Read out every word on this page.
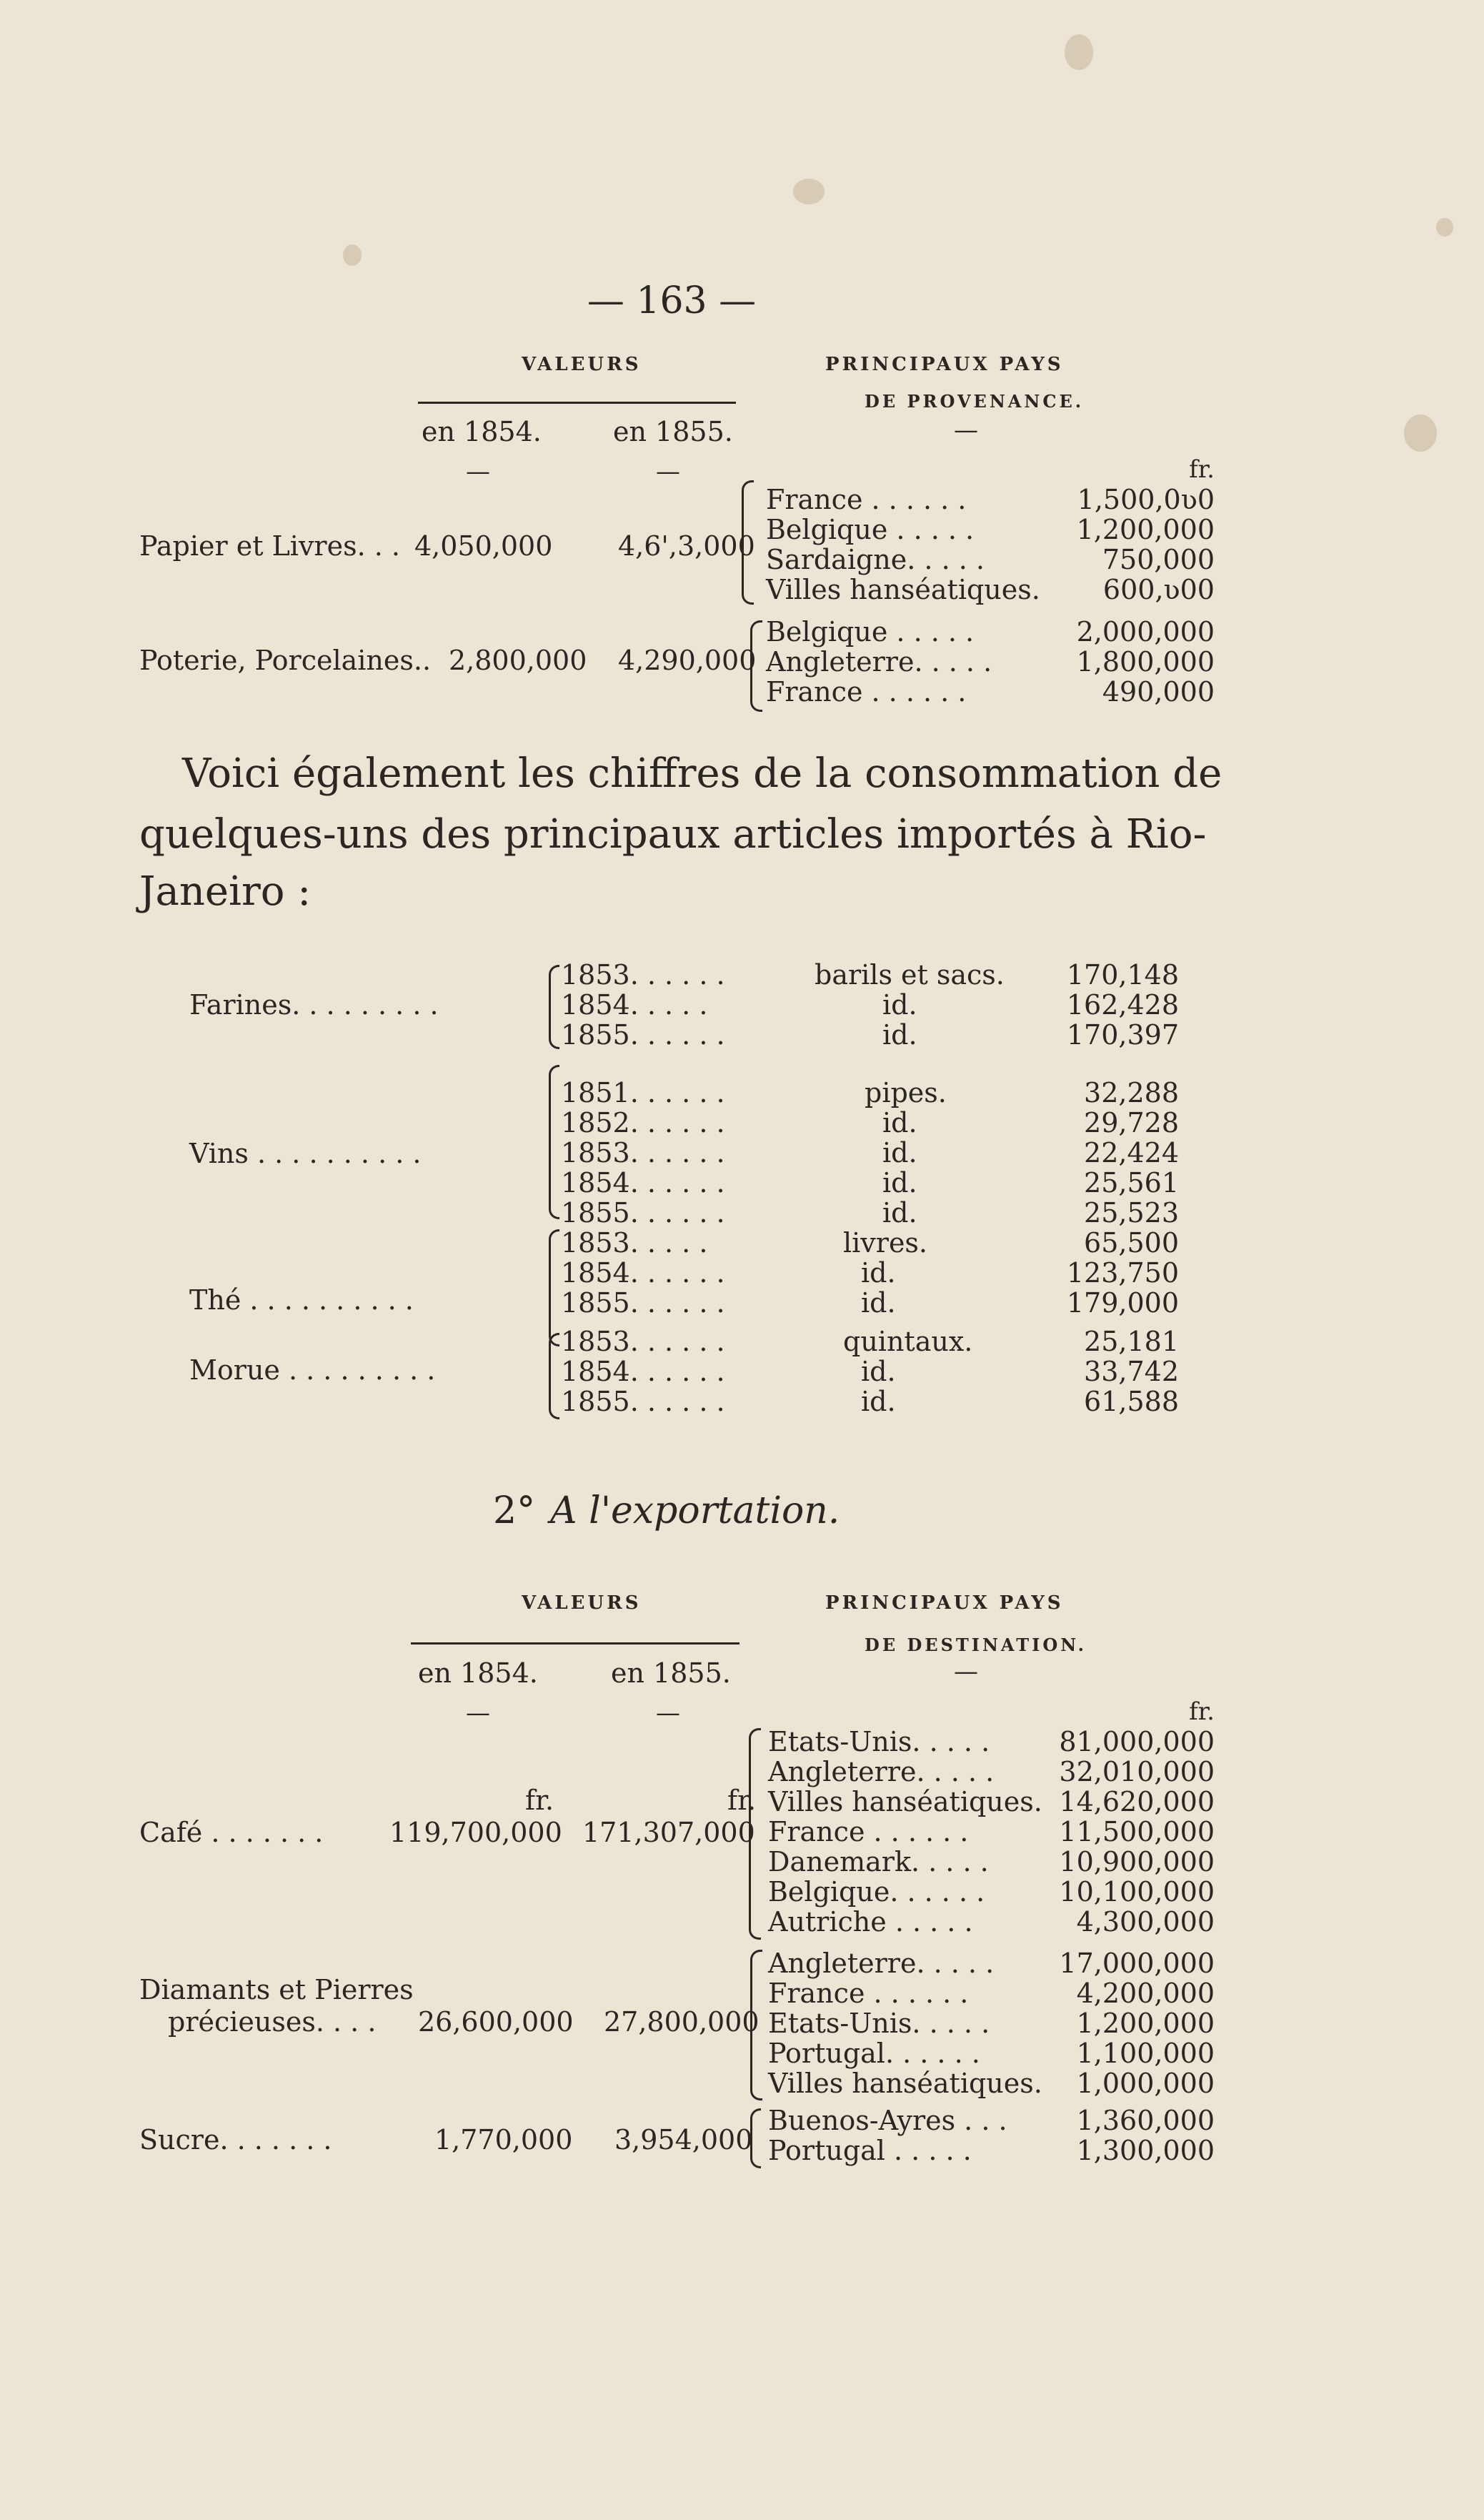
— 163 —
VALEURS	PRINCIPAUX PAYS
DE PROVENANCE.
en 1854.	en 1855.	—
—	—	fr.
Papier et Livres. . . 4,050,000 4,6',3,000
France . . . . . .	1,500,0ʋ0
Belgique . . . . .	1,200,000
Sardaigne. . . . .	750,000
Villes hanséatiques.	600,ʋ00
Poterie, Porcelaines.. 2,800,000 4,290,000
Belgique . . . . .	2,000,000
Angleterre. . . . .	1,800,000
France . . . . . .	490,000
Voici également les chiffres de la consommation de
quelques-uns des principaux articles importés à Rio-
Janeiro :
Farines. . . . . . . . .
1853. . . . . .	barils et sacs.	170,148
1854. . . . .	id.	162,428
1855. . . . . .	id.	170,397
Vins . . . . . . . . . .
1851. . . . . .	pipes.	32,288
1852. . . . . .	id.	29,728
1853. . . . . .	id.	22,424
1854. . . . . .	id.	25,561
1855. . . . . .	id.	25,523
Thé . . . . . . . . . .
1853. . . . .	livres.	65,500
1854. . . . . .	id.	123,750
1855. . . . . .	id.	179,000
Morue . . . . . . . . .
1853. . . . . .	quintaux.	25,181
1854. . . . . .	id.	33,742
1855. . . . . .	id.	61,588
2° A l'exportation.
VALEURS	PRINCIPAUX PAYS
DE DESTINATION.
en 1854.	en 1855.	—
—	—	fr.
fr.	fr.
Café . . . . . . . 119,700,000 171,307,000
Etats-Unis. . . . .	81,000,000
Angleterre. . . . .	32,010,000
Villes hanséatiques. 14,620,000
France . . . . . .	11,500,000
Danemark. . . . .	10,900,000
Belgique. . . . . .	10,100,000
Autriche . . . . .	4,300,000
Diamants et Pierres
précieuses. . . . 26,600,000 27,800,000
Angleterre. . . . .	17,000,000
France . . . . . .	4,200,000
Etats-Unis. . . . .	1,200,000
Portugal. . . . . .	1,100,000
Villes hanséatiques.	1,000,000
Sucre. . . . . . .	1,770,000 3,954,000
Buenos-Ayres . . .	1,360,000
Portugal . . . . .	1,300,000
